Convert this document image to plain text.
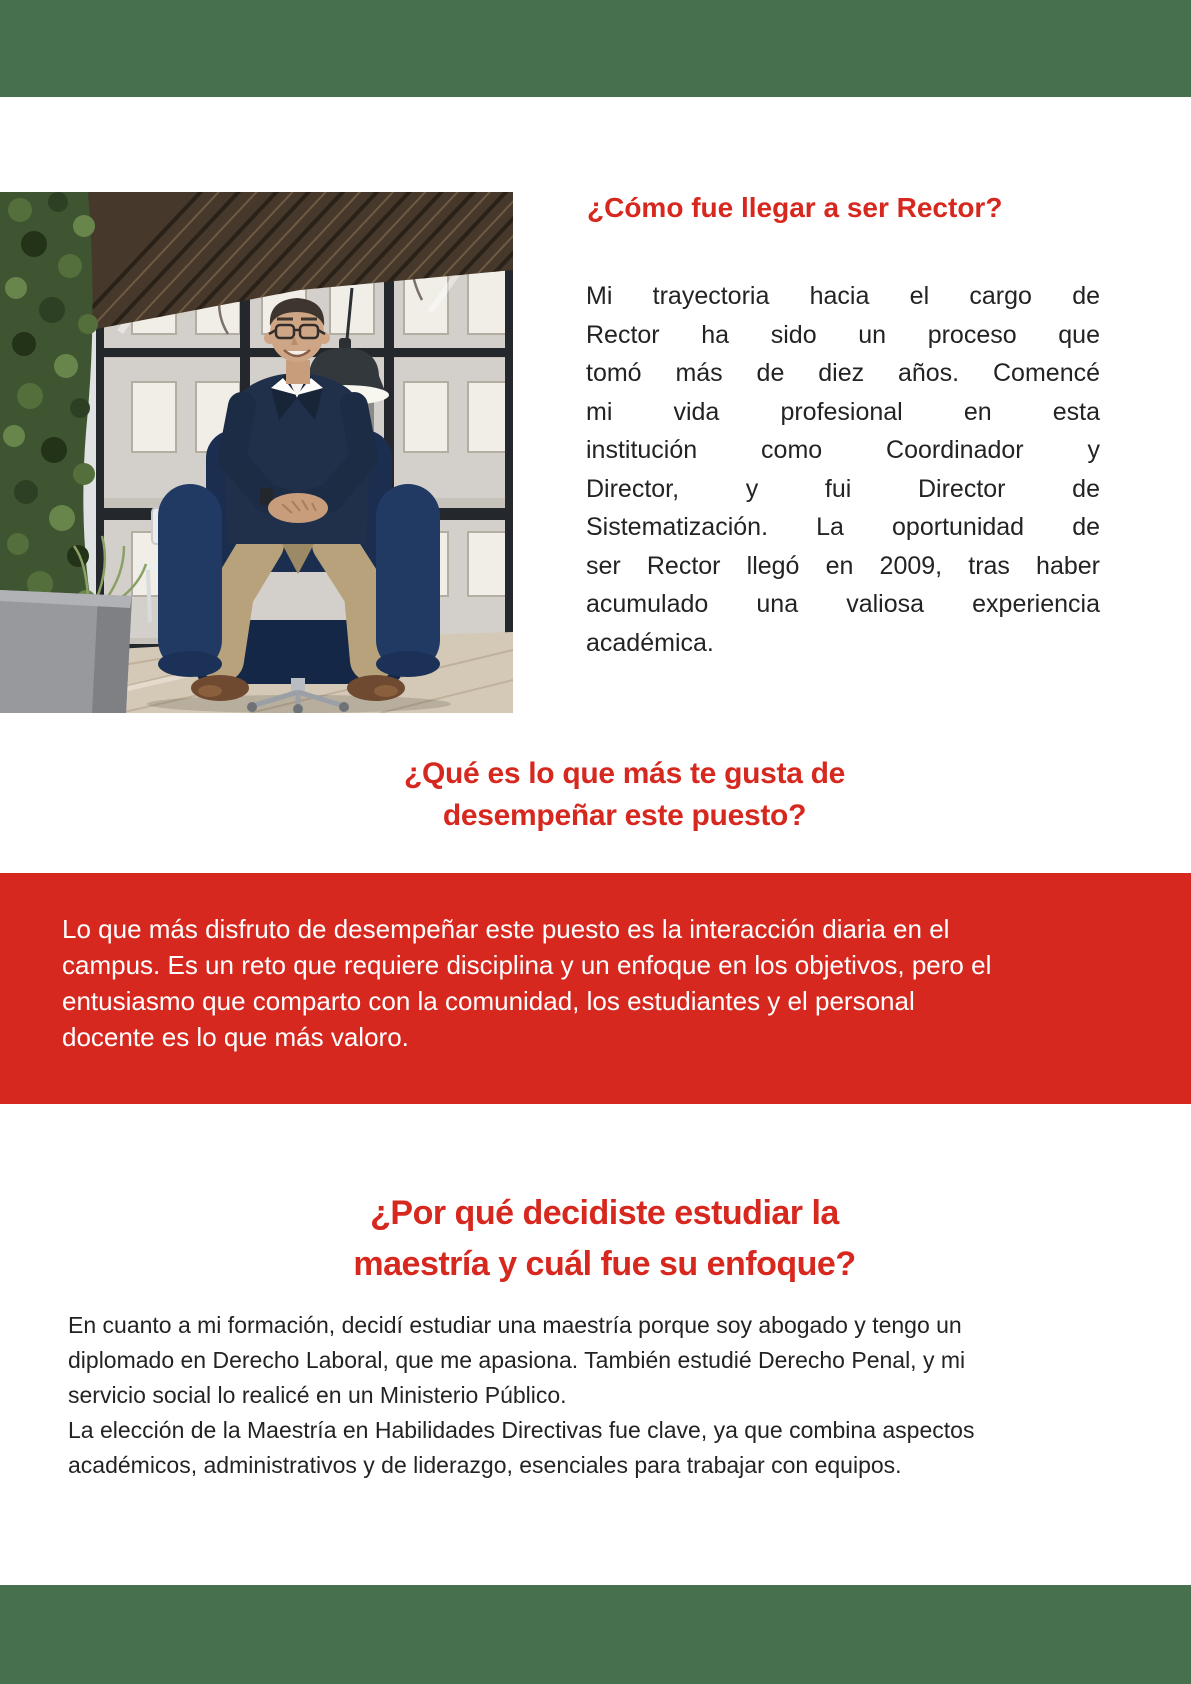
¿Cómo fue llegar a ser Rector?
Mi trayectoria hacia el cargo de
Rector ha sido un proceso que
tomó más de diez años. Comencé
mi vida profesional en esta
institución como Coordinador y
Director, y fui Director de
Sistematización. La oportunidad de
ser Rector llegó en 2009, tras haber
acumulado una valiosa experiencia
académica.
¿Qué es lo que más te gusta de
desempeñar este puesto?
Lo que más disfruto de desempeñar este puesto es la interacción diaria en el
campus. Es un reto que requiere disciplina y un enfoque en los objetivos, pero el
entusiasmo que comparto con la comunidad, los estudiantes y el personal
docente es lo que más valoro.
¿Por qué decidiste estudiar la
maestría y cuál fue su enfoque?
En cuanto a mi formación, decidí estudiar una maestría porque soy abogado y tengo un
diplomado en Derecho Laboral, que me apasiona. También estudié Derecho Penal, y mi
servicio social lo realicé en un Ministerio Público.
La elección de la Maestría en Habilidades Directivas fue clave, ya que combina aspectos
académicos, administrativos y de liderazgo, esenciales para trabajar con equipos.
